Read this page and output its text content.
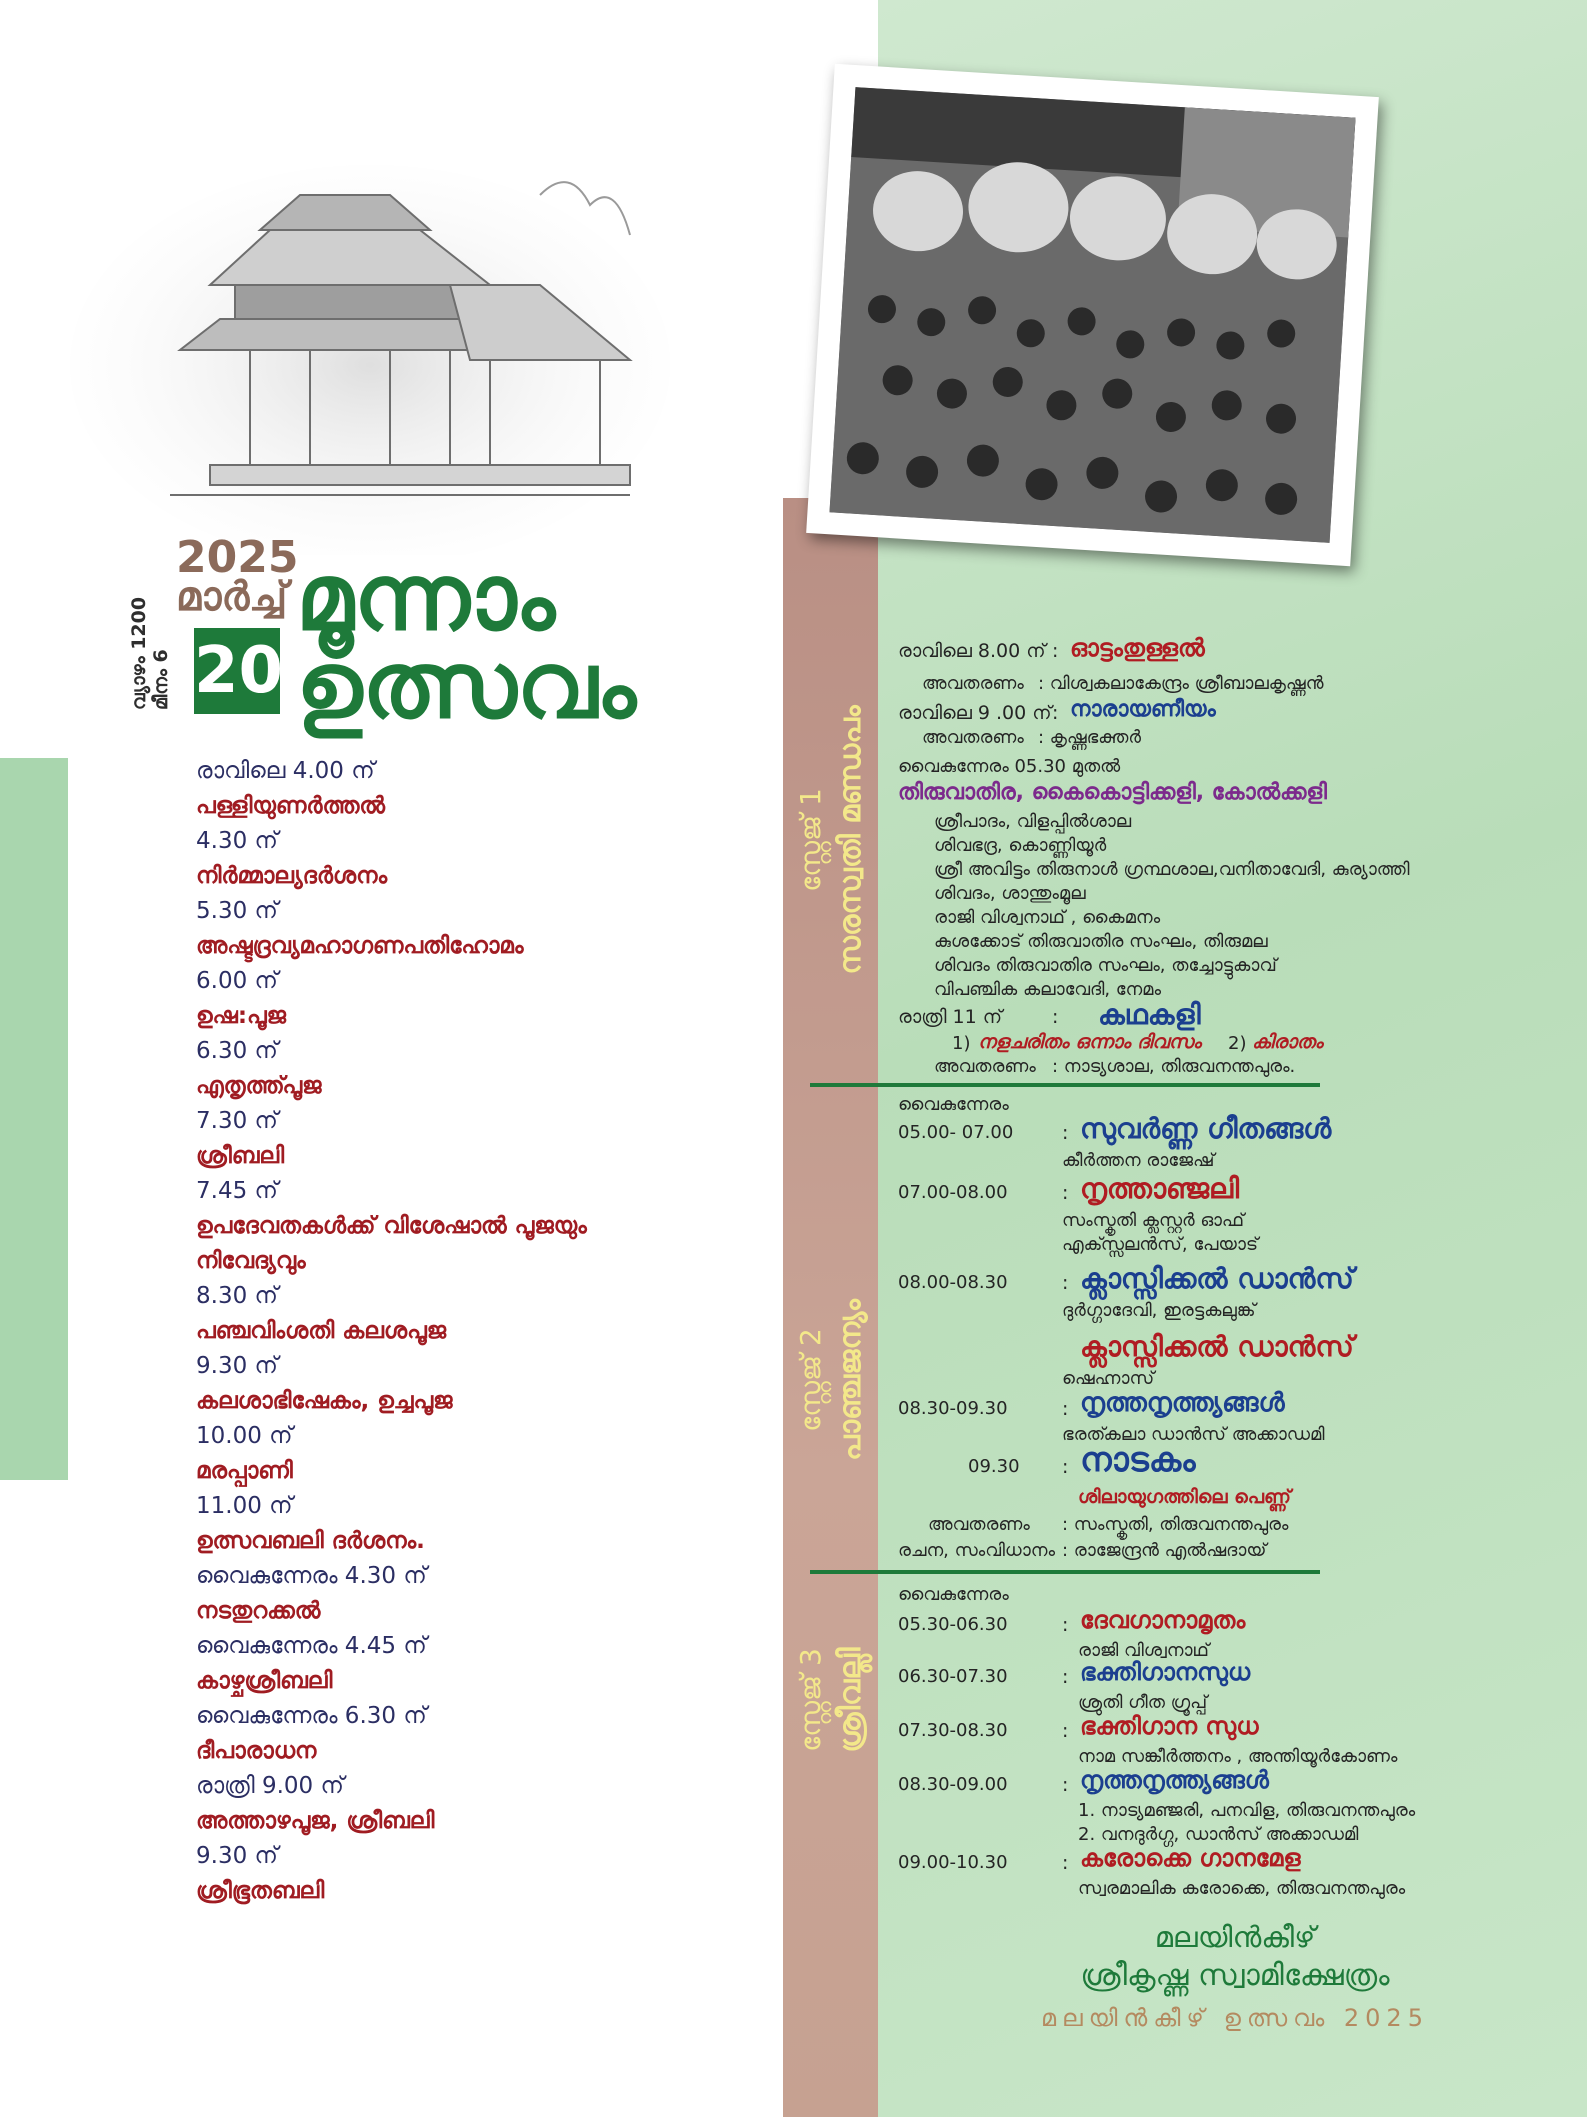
2025
മാർച്ച്
വ്യാഴം 1200 മീനം 6 20
മൂന്നാം
ഉത്സവം
രാവിലെ 4.00 ന്
പള്ളിയുണർത്തൽ
4.30 ന്
നിർമ്മാല്യദർശനം
5.30 ന്
അഷ്ടദ്രവ്യമഹാഗണപതിഹോമം
6.00 ന്
ഉഷ:പൂജ
6.30 ന്
എതൃത്ത്പൂജ
7.30 ന്
ശ്രീബലി
7.45 ന്
ഉപദേവതകൾക്ക് വിശേഷാൽ പൂജയും
നിവേദ്യവും
8.30 ന്
പഞ്ചവിംശതി കലശപൂജ
9.30 ന്
കലശാഭിഷേകം, ഉച്ചപൂജ
10.00 ന്
മരപ്പാണി
11.00 ന്
ഉത്സവബലി ദർശനം.
വൈകുന്നേരം 4.30 ന്
നടതുറക്കൽ
വൈകുന്നേരം 4.45 ന്
കാഴ്ചശ്രീബലി
വൈകുന്നേരം 6.30 ന്
ദീപാരാധന
രാത്രി 9.00 ന്
അത്താഴപൂജ, ശ്രീബലി
9.30 ന്
ശ്രീഭൂതബലി
സ്റ്റേജ് 1 സരസ്വതി മണ്ഡപം
സ്റ്റേജ് 2 പാഞ്ചജന്യം
സ്റ്റേജ് 3 ശ്രീവല്ലി
രാവിലെ 8.00 ന് : ഓട്ടംതുള്ളൽ
അവതരണം : വിശ്വകലാകേന്ദ്രം ശ്രീബാലകൃഷ്ണൻ
രാവിലെ 9 .00 ന് : നാരായണീയം
അവതരണം : കൃഷ്ണഭക്തർ
വൈകുന്നേരം 05.30 മുതൽ
തിരുവാതിര, കൈകൊട്ടിക്കളി, കോൽക്കളി
ശ്രീപാദം, വിളപ്പിൽശാല
ശിവഭദ്ര, കൊണ്ണിയൂർ
ശ്രീ അവിട്ടം തിരുനാൾ ഗ്രന്ഥശാല,വനിതാവേദി, കുര്യാത്തി
ശിവദം, ശാന്തുംമൂല
രാജി വിശ്വനാഥ് , കൈമനം
കുശക്കോട് തിരുവാതിര സംഘം, തിരുമല
ശിവദം തിരുവാതിര സംഘം, തച്ചോട്ടുകാവ്
വിപഞ്ചിക കലാവേദി, നേമം
രാത്രി 11 ന്	: കഥകളി
1) നളചരിതം ഒന്നാം ദിവസം 2) കിരാതം
അവതരണം : നാട്യശാല, തിരുവനന്തപുരം.
വൈകുന്നേരം
05.00- 07.00	: സുവർണ്ണ ഗീതങ്ങൾ
കീർത്തന രാജേഷ്
07.00-08.00	: നൃത്താഞ്ജലി
സംസ്കൃതി ക്ലസ്റ്റർ ഓഫ്
എക്സ്സലൻസ്, പേയാട്
08.00-08.30	: ക്ലാസ്സിക്കൽ ഡാൻസ്
ദുർഗ്ഗാദേവി, ഇരട്ടകലുങ്ക്
ക്ലാസ്സിക്കൽ ഡാൻസ്
ഷെഹ്നാസ്
08.30-09.30	: നൃത്തനൃത്ത്യങ്ങൾ
ഭരത്കലാ ഡാൻസ് അക്കാഡമി
09.30 : നാടകം
ശിലായുഗത്തിലെ പെണ്ണ്
അവതരണം : സംസ്കൃതി, തിരുവനന്തപുരം
രചന, സംവിധാനം : രാജേന്ദ്രൻ എൽഷദായ്
വൈകുന്നേരം
05.30-06.30	: ദേവഗാനാമൃതം
രാജി വിശ്വനാഥ്
06.30-07.30	: ഭക്തിഗാനസുധ
ശ്രുതി ഗീത ഗ്രൂപ്പ്
07.30-08.30	: ഭക്തിഗാന സുധ
നാമ സങ്കീർത്തനം , അന്തിയൂർകോണം
08.30-09.00	: നൃത്തനൃത്ത്യങ്ങൾ
1. നാട്യമഞ്ജരി, പനവിള, തിരുവനന്തപുരം
2. വനദുർഗ്ഗ, ഡാൻസ് അക്കാഡമി
09.00-10.30	: കരോക്കെ ഗാനമേള
സ്വരമാലിക കരോക്കെ, തിരുവനന്തപുരം
മലയിൻകീഴ്
ശ്രീകൃഷ്ണ സ്വാമിക്ഷേത്രം
മലയിൻകീഴ് ഉത്സവം 2025
